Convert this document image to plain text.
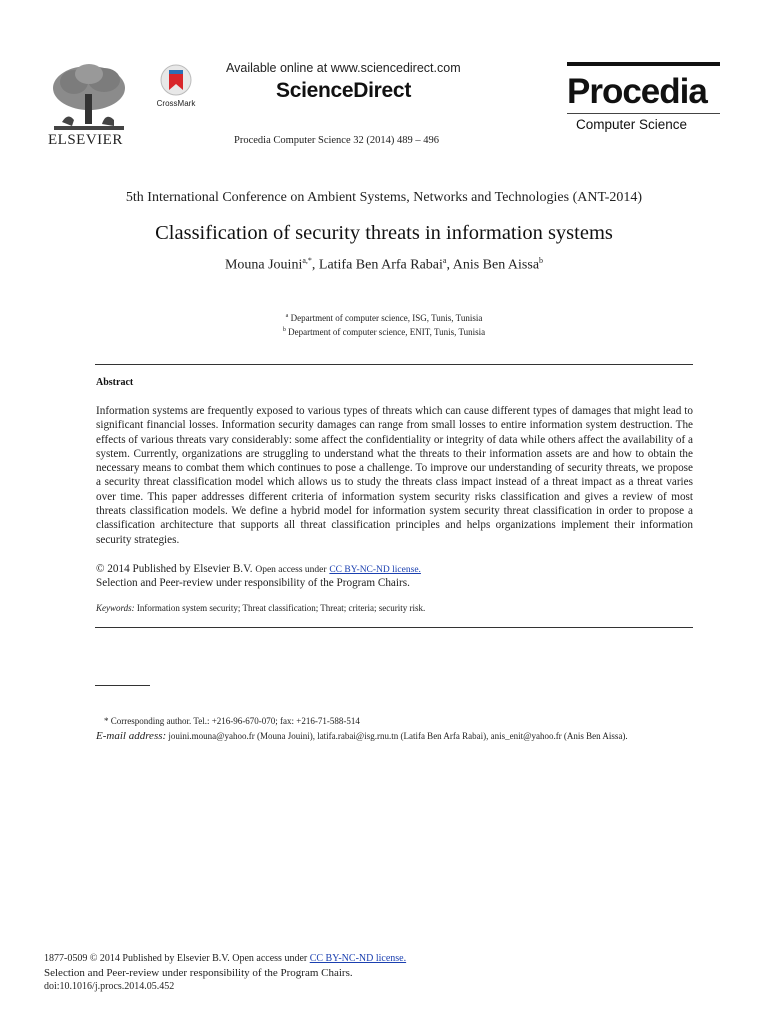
ELSEVIER
CrossMark
Available online at www.sciencedirect.com
ScienceDirect
Procedia Computer Science 32 (2014) 489 – 496
Procedia
Computer Science
5th International Conference on Ambient Systems, Networks and Technologies (ANT-2014)
Classification of security threats in information systems
Mouna Jouini$^{a,*}$, Latifa Ben Arfa Rabai$^a$, Anis Ben Aissa$^b$
$^a$ Department of computer science, ISG, Tunis, Tunisia
$^b$ Department of computer science, ENIT, Tunis, Tunisia
Abstract
Information systems are frequently exposed to various types of threats which can cause different types of damages that might lead to significant financial losses. Information security damages can range from small losses to entire information system destruction. The effects of various threats vary considerably: some affect the confidentiality or integrity of data while others affect the availability of a system. Currently, organizations are struggling to understand what the threats to their information assets are and how to obtain the necessary means to combat them which continues to pose a challenge. To improve our understanding of security threats, we propose a security threat classification model which allows us to study the threats class impact instead of a threat impact as a threat varies over time. This paper addresses different criteria of information system security risks classification and gives a review of most threats classification models. We define a hybrid model for information system security threat classification in order to propose a classification architecture that supports all threat classification principles and helps organizations implement their information security strategies.
© 2014 Published by Elsevier B.V. Open access under CC BY-NC-ND license.
Selection and Peer-review under responsibility of the Program Chairs.
Keywords: Information system security; Threat classification; Threat; criteria; security risk.
* Corresponding author. Tel.: +216-96-670-070; fax: +216-71-588-514
E-mail address: jouini.mouna@yahoo.fr (Mouna Jouini), latifa.rabai@isg.rnu.tn (Latifa Ben Arfa Rabai), anis_enit@yahoo.fr (Anis Ben Aissa).
1877-0509 © 2014 Published by Elsevier B.V. Open access under CC BY-NC-ND license.
Selection and Peer-review under responsibility of the Program Chairs.
doi:10.1016/j.procs.2014.05.452
